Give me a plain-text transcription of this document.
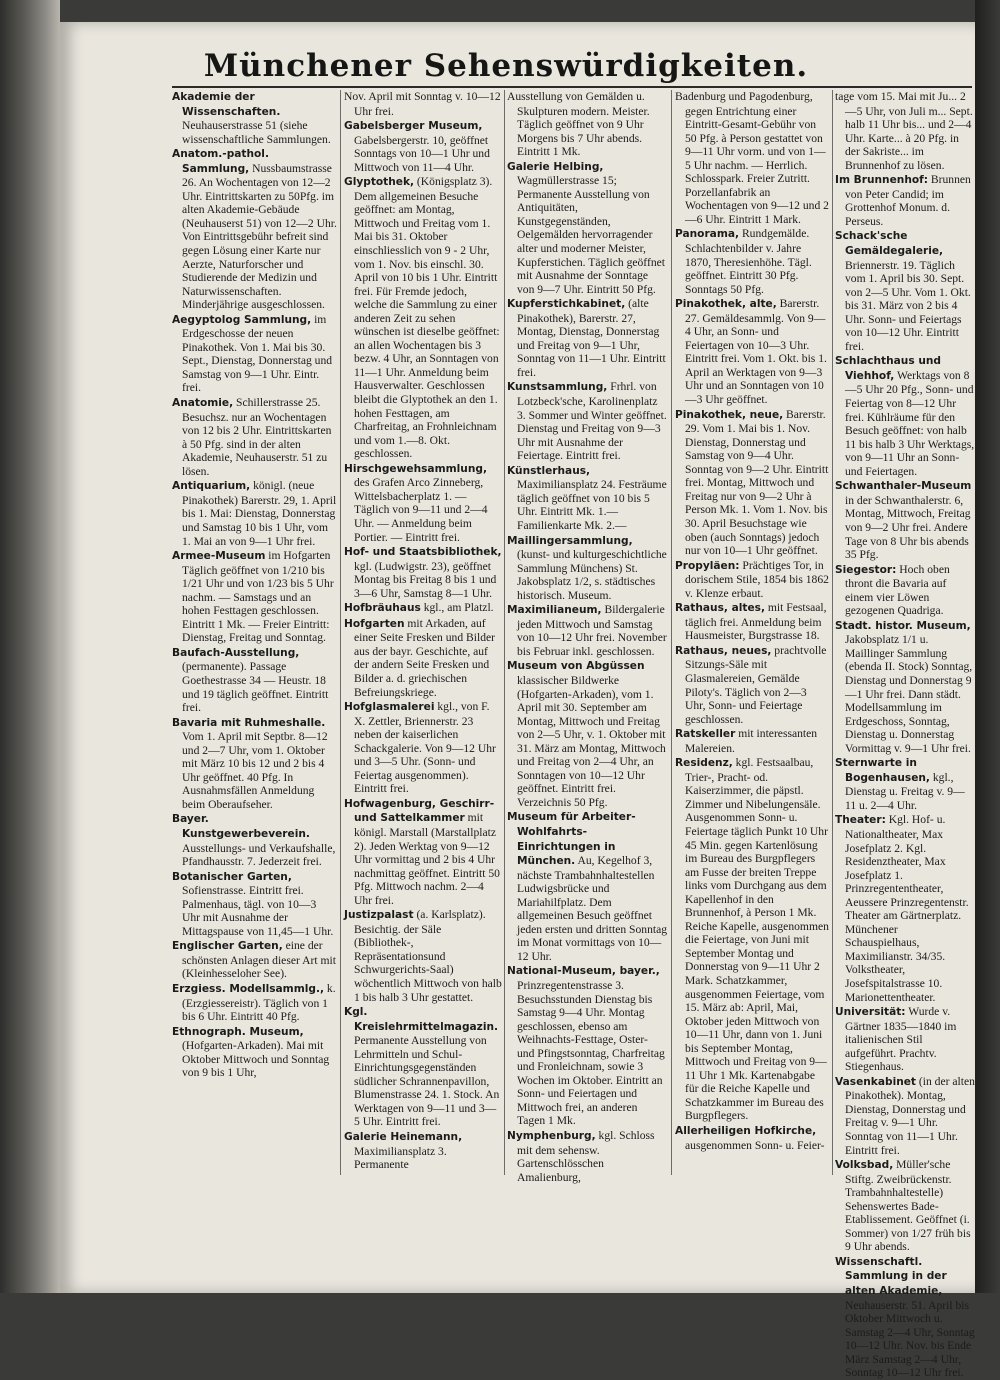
Münchener Sehenswürdigkeiten.
Akademie der Wissenschaften. Neuhauserstrasse 51 (siehe wissenschaftliche Sammlungen.
Anatom.-pathol. Sammlung, Nussbaumstrasse 26. An Wochentagen von 12—2 Uhr. Eintrittskarten zu 50Pfg. im alten Akademie-Gebäude (Neuhauserst 51) von 12—2 Uhr. Von Eintrittsgebühr befreit sind gegen Lösung einer Karte nur Aerzte, Naturforscher und Studierende der Medizin und Naturwissenschaften. Minderjährige ausgeschlossen.
Aegyptolog Sammlung, im Erdgeschosse der neuen Pinakothek. Von 1. Mai bis 30. Sept., Dienstag, Donnerstag und Samstag von 9—1 Uhr. Eintr. frei.
Anatomie, Schillerstrasse 25. Besuchsz. nur an Wochentagen von 12 bis 2 Uhr. Eintrittskarten à 50 Pfg. sind in der alten Akademie, Neuhauserstr. 51 zu lösen.
Antiquarium, königl. (neue Pinakothek) Barerstr. 29, 1. April bis 1. Mai: Dienstag, Donnerstag und Samstag 10 bis 1 Uhr, vom 1. Mai an von 9—1 Uhr frei.
Armee-Museum im Hofgarten Täglich geöffnet von 1/210 bis 1/21 Uhr und von 1/23 bis 5 Uhr nachm. — Samstags und an hohen Festtagen geschlossen. Eintritt 1 Mk. — Freier Eintritt: Dienstag, Freitag und Sonntag.
Baufach-Ausstellung, (permanente). Passage Goethestrasse 34 — Heustr. 18 und 19 täglich geöffnet. Eintritt frei.
Bavaria mit Ruhmeshalle. Vom 1. April mit Septbr. 8—12 und 2—7 Uhr, vom 1. Oktober mit März 10 bis 12 und 2 bis 4 Uhr geöffnet. 40 Pfg. In Ausnahmsfällen Anmeldung beim Oberaufseher.
Bayer. Kunstgewerbeverein. Ausstellungs- und Verkaufshalle, Pfandhausstr. 7. Jederzeit frei.
Botanischer Garten, Sofienstrasse. Eintritt frei. Palmenhaus, tägl. von 10—3 Uhr mit Ausnahme der Mittagspause von 11,45—1 Uhr.
Englischer Garten, eine der schönsten Anlagen dieser Art mit (Kleinhesseloher See).
Erzgiess. Modellsammlg., k. (Erzgiessereistr). Täglich von 1 bis 6 Uhr. Eintritt 40 Pfg.
Ethnograph. Museum, (Hofgarten-Arkaden). Mai mit Oktober Mittwoch und Sonntag von 9 bis 1 Uhr,
Nov. April mit Sonntag v. 10—12 Uhr frei.
Gabelsberger Museum, Gabelsbergerstr. 10, geöffnet Sonntags von 10—1 Uhr und Mittwoch von 11—4 Uhr.
Glyptothek, (Königsplatz 3). Dem allgemeinen Besuche geöffnet: am Montag, Mittwoch und Freitag vom 1. Mai bis 31. Oktober einschliesslich von 9 - 2 Uhr, vom 1. Nov. bis einschl. 30. April von 10 bis 1 Uhr. Eintritt frei. Für Fremde jedoch, welche die Sammlung zu einer anderen Zeit zu sehen wünschen ist dieselbe geöffnet: an allen Wochentagen bis 3 bezw. 4 Uhr, an Sonntagen von 11—1 Uhr. Anmeldung beim Hausverwalter. Geschlossen bleibt die Glyptothek an den 1. hohen Festtagen, am Charfreitag, an Frohnleichnam und vom 1.—8. Okt. geschlossen.
Hirschgewehsammlung, des Grafen Arco Zinneberg, Wittelsbacherplatz 1. — Täglich von 9—11 und 2—4 Uhr. — Anmeldung beim Portier. — Eintritt frei.
Hof- und Staatsbibliothek, kgl. (Ludwigstr. 23), geöffnet Montag bis Freitag 8 bis 1 und 3—6 Uhr, Samstag 8—1 Uhr.
Hofbräuhaus kgl., am Platzl.
Hofgarten mit Arkaden, auf einer Seite Fresken und Bilder aus der bayr. Geschichte, auf der andern Seite Fresken und Bilder a. d. griechischen Befreiungskriege.
Hofglasmalerei kgl., von F. X. Zettler, Briennerstr. 23 neben der kaiserlichen Schackgalerie. Von 9—12 Uhr und 3—5 Uhr. (Sonn- und Feiertag ausgenommen). Eintritt frei.
Hofwagenburg, Geschirr- und Sattelkammer mit königl. Marstall (Marstallplatz 2). Jeden Werktag von 9—12 Uhr vormittag und 2 bis 4 Uhr nachmittag geöffnet. Eintritt 50 Pfg. Mittwoch nachm. 2—4 Uhr frei.
Justizpalast (a. Karlsplatz). Besichtig. der Säle (Bibliothek-, Repräsentationsund Schwurgerichts-Saal) wöchentlich Mittwoch von halb 1 bis halb 3 Uhr gestattet.
Kgl. Kreislehrmittelmagazin. Permanente Ausstellung von Lehrmitteln und Schul-Einrichtungsgegenständen südlicher Schrannenpavillon, Blumenstrasse 24. 1. Stock. An Werktagen von 9—11 und 3—5 Uhr. Eintritt frei.
Galerie Heinemann, Maximiliansplatz 3. Permanente
Ausstellung von Gemälden u. Skulpturen modern. Meister. Täglich geöffnet von 9 Uhr Morgens bis 7 Uhr abends. Eintritt 1 Mk.
Galerie Helbing, Wagmüllerstrasse 15; Permanente Ausstellung von Antiquitäten, Kunstgegenständen, Oelgemälden hervorragender alter und moderner Meister, Kupferstichen. Täglich geöffnet mit Ausnahme der Sonntage von 9—7 Uhr. Eintritt 50 Pfg.
Kupferstichkabinet, (alte Pinakothek), Barerstr. 27, Montag, Dienstag, Donnerstag und Freitag von 9—1 Uhr, Sonntag von 11—1 Uhr. Eintritt frei.
Kunstsammlung, Frhrl. von Lotzbeck'sche, Karolinenplatz 3. Sommer und Winter geöffnet. Dienstag und Freitag von 9—3 Uhr mit Ausnahme der Feiertage. Eintritt frei.
Künstlerhaus, Maximiliansplatz 24. Festräume täglich geöffnet von 10 bis 5 Uhr. Eintritt Mk. 1.— Familienkarte Mk. 2.—
Maillingersammlung, (kunst- und kulturgeschichtliche Sammlung Münchens) St. Jakobsplatz 1/2, s. städtisches historisch. Museum.
Maximilianeum, Bildergalerie jeden Mittwoch und Samstag von 10—12 Uhr frei. November bis Februar inkl. geschlossen.
Museum von Abgüssen klassischer Bildwerke (Hofgarten-Arkaden), vom 1. April mit 30. September am Montag, Mittwoch und Freitag von 2—5 Uhr, v. 1. Oktober mit 31. März am Montag, Mittwoch und Freitag von 2—4 Uhr, an Sonntagen von 10—12 Uhr geöffnet. Eintritt frei. Verzeichnis 50 Pfg.
Museum für Arbeiter-Wohlfahrts-Einrichtungen in München. Au, Kegelhof 3, nächste Trambahnhaltestellen Ludwigsbrücke und Mariahilfplatz. Dem allgemeinen Besuch geöffnet jeden ersten und dritten Sonntag im Monat vormittags von 10—12 Uhr.
National-Museum, bayer., Prinzregentenstrasse 3. Besuchsstunden Dienstag bis Samstag 9—4 Uhr. Montag geschlossen, ebenso am Weihnachts-Festtage, Oster- und Pfingstsonntag, Charfreitag und Fronleichnam, sowie 3 Wochen im Oktober. Eintritt an Sonn- und Feiertagen und Mittwoch frei, an anderen Tagen 1 Mk.
Nymphenburg, kgl. Schloss mit dem sehensw. Gartenschlösschen Amalienburg,
Badenburg und Pagodenburg, gegen Entrichtung einer Eintritt-Gesamt-Gebühr von 50 Pfg. à Person gestattet von 9—11 Uhr vorm. und von 1—5 Uhr nachm. — Herrlich. Schlosspark. Freier Zutritt. Porzellanfabrik an Wochentagen von 9—12 und 2—6 Uhr. Eintritt 1 Mark.
Panorama, Rundgemälde. Schlachtenbilder v. Jahre 1870, Theresienhöhe. Tägl. geöffnet. Eintritt 30 Pfg. Sonntags 50 Pfg.
Pinakothek, alte, Barerstr. 27. Gemäldesammlg. Von 9—4 Uhr, an Sonn- und Feiertagen von 10—3 Uhr. Eintritt frei. Vom 1. Okt. bis 1. April an Werktagen von 9—3 Uhr und an Sonntagen von 10—3 Uhr geöffnet.
Pinakothek, neue, Barerstr. 29. Vom 1. Mai bis 1. Nov. Dienstag, Donnerstag und Samstag von 9—4 Uhr. Sonntag von 9—2 Uhr. Eintritt frei. Montag, Mittwoch und Freitag nur von 9—2 Uhr à Person Mk. 1. Vom 1. Nov. bis 30. April Besuchstage wie oben (auch Sonntags) jedoch nur von 10—1 Uhr geöffnet.
Propyläen: Prächtiges Tor, in dorischem Stile, 1854 bis 1862 v. Klenze erbaut.
Rathaus, altes, mit Festsaal, täglich frei. Anmeldung beim Hausmeister, Burgstrasse 18.
Rathaus, neues, prachtvolle Sitzungs-Säle mit Glasmalereien, Gemälde Piloty's. Täglich von 2—3 Uhr, Sonn- und Feiertage geschlossen.
Ratskeller mit interessanten Malereien.
Residenz, kgl. Festsaalbau, Trier-, Pracht- od. Kaiserzimmer, die päpstl. Zimmer und Nibelungensäle. Ausgenommen Sonn- u. Feiertage täglich Punkt 10 Uhr 45 Min. gegen Kartenlösung im Bureau des Burgpflegers am Fusse der breiten Treppe links vom Durchgang aus dem Kapellenhof in den Brunnenhof, à Person 1 Mk. Reiche Kapelle, ausgenommen die Feiertage, von Juni mit September Montag und Donnerstag von 9—11 Uhr 2 Mark. Schatzkammer, ausgenommen Feiertage, vom 15. März ab: April, Mai, Oktober jeden Mittwoch von 10—11 Uhr, dann von 1. Juni bis September Montag, Mittwoch und Freitag von 9—11 Uhr 1 Mk. Kartenabgabe für die Reiche Kapelle und Schatzkammer im Bureau des Burgpflegers.
Allerheiligen Hofkirche, ausgenommen Sonn- u. Feier-
tage vom 15. Mai mit Ju... 2—5 Uhr, von Juli m... Sept. halb 11 Uhr bis... und 2—4 Uhr. Karte... à 20 Pfg. in der Sakriste... im Brunnenhof zu lösen.
Im Brunnenhof: Brunnen von Peter Candid; im Grottenhof Monum. d. Perseus.
Schack'sche Gemäldegalerie, Briennerstr. 19. Täglich vom 1. April bis 30. Sept. von 2—5 Uhr. Vom 1. Okt. bis 31. März von 2 bis 4 Uhr. Sonn- und Feiertags von 10—12 Uhr. Eintritt frei.
Schlachthaus und Viehhof, Werktags von 8—5 Uhr 20 Pfg., Sonn- und Feiertag von 8—12 Uhr frei. Kühlräume für den Besuch geöffnet: von halb 11 bis halb 3 Uhr Werktags, von 9—11 Uhr an Sonn- und Feiertagen.
Schwanthaler-Museum in der Schwanthalerstr. 6, Montag, Mittwoch, Freitag von 9—2 Uhr frei. Andere Tage von 8 Uhr bis abends 35 Pfg.
Siegestor: Hoch oben thront die Bavaria auf einem vier Löwen gezogenen Quadriga.
Stadt. histor. Museum, Jakobsplatz 1/1 u. Maillinger Sammlung (ebenda II. Stock) Sonntag, Dienstag und Donnerstag 9—1 Uhr frei. Dann städt. Modellsammlung im Erdgeschoss, Sonntag, Dienstag u. Donnerstag Vormittag v. 9—1 Uhr frei.
Sternwarte in Bogenhausen, kgl., Dienstag u. Freitag v. 9—11 u. 2—4 Uhr.
Theater: Kgl. Hof- u. Nationaltheater, Max Josefplatz 2. Kgl. Residenztheater, Max Josefplatz 1. Prinzregententheater, Aeussere Prinzregentenstr. Theater am Gärtnerplatz. Münchener Schauspielhaus, Maximilianstr. 34/35. Volkstheater, Josefspitalstrasse 10. Marionettentheater.
Universität: Wurde v. Gärtner 1835—1840 im italienischen Stil aufgeführt. Prachtv. Stiegenhaus.
Vasenkabinet (in der alten Pinakothek). Montag, Dienstag, Donnerstag und Freitag v. 9—1 Uhr. Sonntag von 11—1 Uhr. Eintritt frei.
Volksbad, Müller'sche Stiftg. Zweibrückenstr. Trambahnhaltestelle) Sehenswertes Bade-Etablissement. Geöffnet (i. Sommer) von 1/27 früh bis 9 Uhr abends.
Wissenschaftl. Sammlung in der alten Akademie, Neuhauserstr. 51. April bis Oktober Mittwoch u. Samstag 2—4 Uhr, Sonntag 10—12 Uhr. Nov. bis Ende März Samstag 2—4 Uhr, Sonntag 10—12 Uhr frei.
